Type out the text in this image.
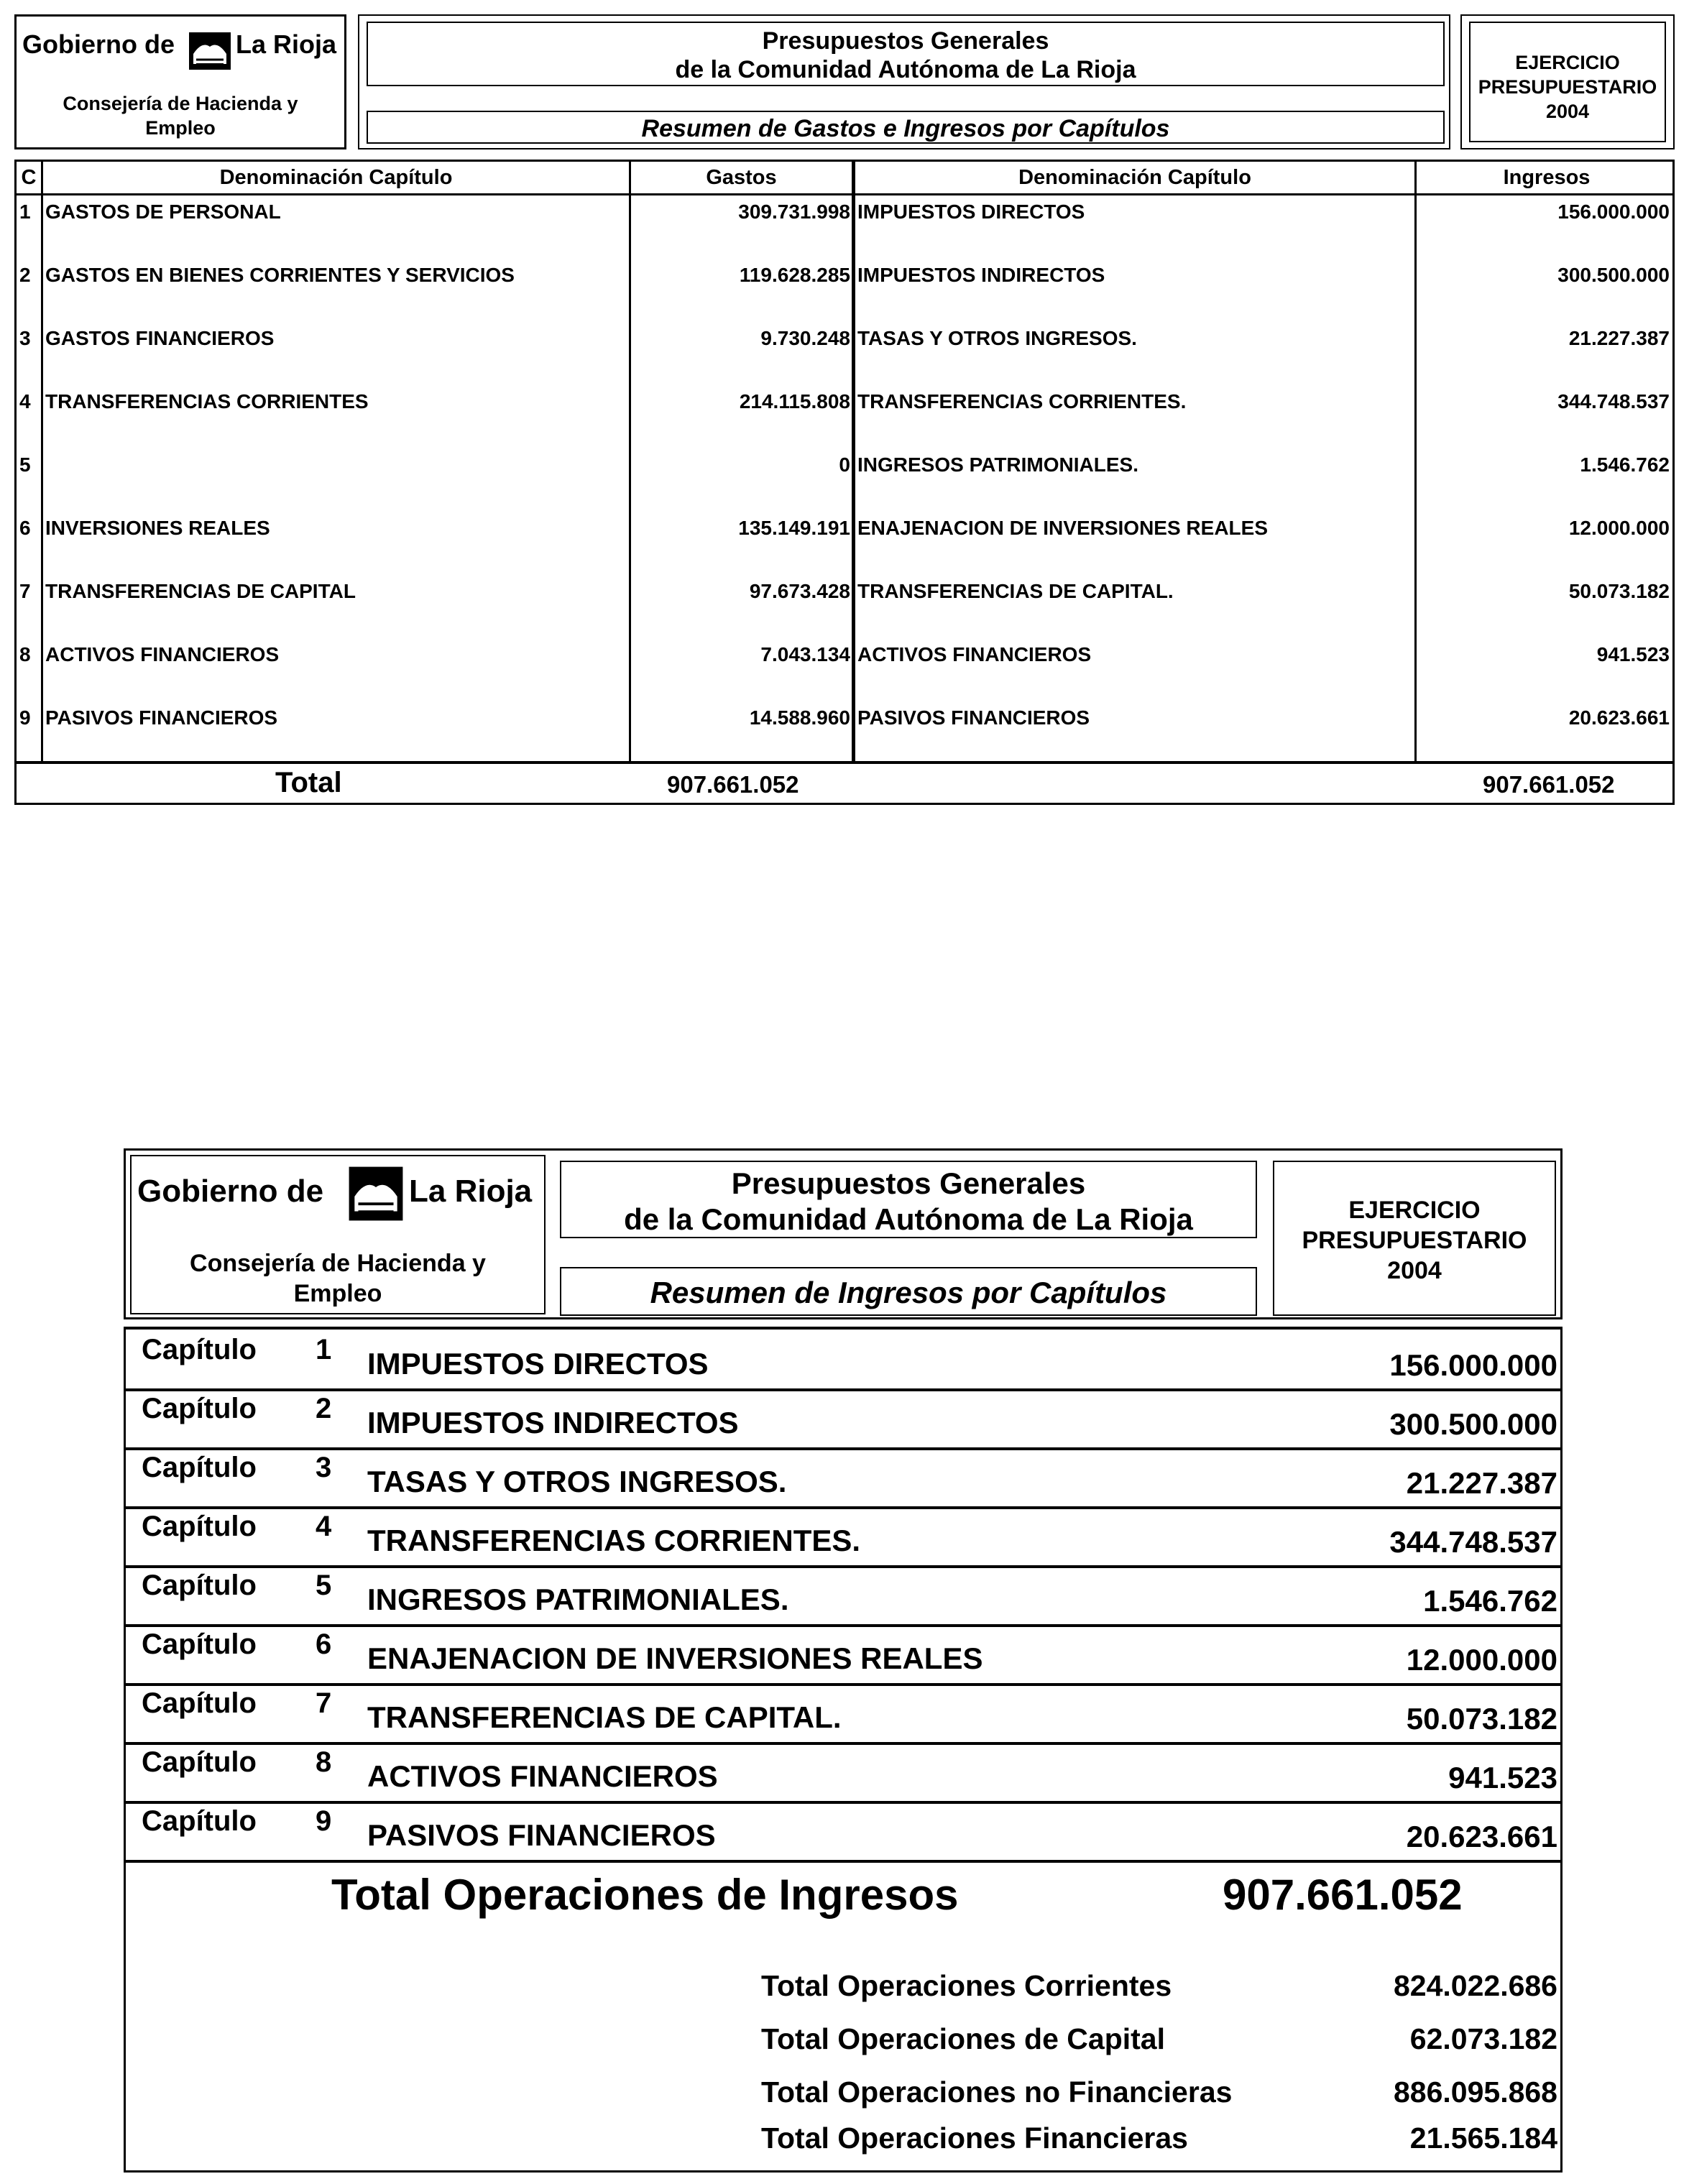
Gobierno de La Rioja
Consejería de Hacienda y
Empleo
Presupuestos Generales
de la Comunidad Autónoma de La Rioja
Resumen de Gastos e Ingresos por Capítulos
EJERCICIO
PRESUPUESTARIO
2004
C	Denominación Capítulo	Gastos	Denominación Capítulo	Ingresos
1 GASTOS DE PERSONAL	309.731.998 IMPUESTOS DIRECTOS	156.000.000
2 GASTOS EN BIENES CORRIENTES Y SERVICIOS	119.628.285 IMPUESTOS INDIRECTOS	300.500.000
3 GASTOS FINANCIEROS	9.730.248 TASAS Y OTROS INGRESOS.	21.227.387
4 TRANSFERENCIAS CORRIENTES	214.115.808 TRANSFERENCIAS CORRIENTES.	344.748.537
5	0 INGRESOS PATRIMONIALES.	1.546.762
6 INVERSIONES REALES	135.149.191 ENAJENACION DE INVERSIONES REALES	12.000.000
7 TRANSFERENCIAS DE CAPITAL	97.673.428 TRANSFERENCIAS DE CAPITAL.	50.073.182
8 ACTIVOS FINANCIEROS	7.043.134 ACTIVOS FINANCIEROS	941.523
9 PASIVOS FINANCIEROS	14.588.960 PASIVOS FINANCIEROS	20.623.661
Total	907.661.052	907.661.052
Gobierno de	La Rioja
Consejería de Hacienda y
Empleo
Presupuestos Generales
de la Comunidad Autónoma de La Rioja
Resumen de Ingresos por Capítulos
EJERCICIO
PRESUPUESTARIO
2004
Capítulo 1 IMPUESTOS DIRECTOS	156.000.000
Capítulo 2 IMPUESTOS INDIRECTOS	300.500.000
Capítulo 3 TASAS Y OTROS INGRESOS.	21.227.387
Capítulo 4 TRANSFERENCIAS CORRIENTES.	344.748.537
Capítulo 5 INGRESOS PATRIMONIALES.	1.546.762
Capítulo 6 ENAJENACION DE INVERSIONES REALES	12.000.000
Capítulo 7 TRANSFERENCIAS DE CAPITAL.	50.073.182
Capítulo 8 ACTIVOS FINANCIEROS	941.523
Capítulo 9 PASIVOS FINANCIEROS	20.623.661
Total Operaciones de Ingresos	907.661.052
Total Operaciones Corrientes	824.022.686
Total Operaciones de Capital	62.073.182
Total Operaciones no Financieras	886.095.868
Total Operaciones Financieras	21.565.184
